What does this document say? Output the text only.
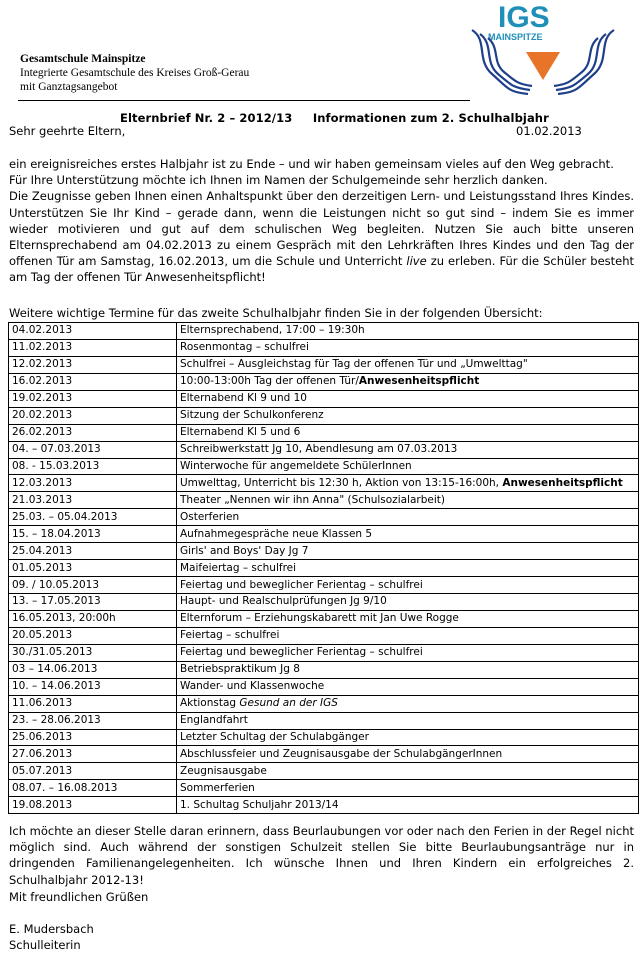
Gesamtschule Mainspitze
Integrierte Gesamtschule des Kreises Groß-Gerau
mit Ganztagsangebot
IGS
MAINSPITZE
Elternbrief Nr. 2 – 2012/13     Informationen zum 2. Schulhalbjahr
Sehr geehrte Eltern,	01.02.2013

ein ereignisreiches erstes Halbjahr ist zu Ende – und wir haben gemeinsam vieles auf den Weg gebracht.

Für Ihre Unterstützung möchte ich Ihnen im Namen der Schulgemeinde sehr herzlich danken.

Die Zeugnisse geben Ihnen einen Anhaltspunkt über den derzeitigen Lern- und Leistungsstand Ihres Kindes. Unterstützen Sie Ihr Kind – gerade dann, wenn die Leistungen nicht so gut sind – indem Sie es immer wieder motivieren und gut auf dem schulischen Weg begleiten. Nutzen Sie auch bitte unseren Elternsprechabend am 04.02.2013 zu einem Gespräch mit den Lehrkräften Ihres Kindes und den Tag der offenen Tür am Samstag, 16.02.2013, um die Schule und Unterricht live zu erleben. Für die Schüler besteht am Tag der offenen Tür Anwesenheitspflicht!

Weitere wichtige Termine für das zweite Schulhalbjahr finden Sie in der folgenden Übersicht:
04.02.2013	Elternsprechabend, 17:00 – 19:30h
11.02.2013	Rosenmontag – schulfrei
12.02.2013	Schulfrei – Ausgleichstag für Tag der offenen Tür und „Umwelttag"
16.02.2013	10:00-13:00h Tag der offenen Tür/Anwesenheitspflicht
19.02.2013	Elternabend Kl 9 und 10
20.02.2013	Sitzung der Schulkonferenz
26.02.2013	Elternabend Kl 5 und 6
04. – 07.03.2013	Schreibwerkstatt Jg 10, Abendlesung am 07.03.2013
08. - 15.03.2013	Winterwoche für angemeldete SchülerInnen
12.03.2013	Umwelttag, Unterricht bis 12:30 h, Aktion von 13:15-16:00h, Anwesenheitspflicht
21.03.2013	Theater „Nennen wir ihn Anna" (Schulsozialarbeit)
25.03. – 05.04.2013	Osterferien
15. – 18.04.2013	Aufnahmegespräche neue Klassen 5
25.04.2013	Girls' and Boys' Day Jg 7
01.05.2013	Maifeiertag – schulfrei
09. / 10.05.2013	Feiertag und beweglicher Ferientag – schulfrei
13. – 17.05.2013	Haupt- und Realschulprüfungen Jg 9/10
16.05.2013, 20:00h	Elternforum – Erziehungskabarett mit Jan Uwe Rogge
20.05.2013	Feiertag – schulfrei
30./31.05.2013	Feiertag und beweglicher Ferientag – schulfrei
03 – 14.06.2013	Betriebspraktikum Jg 8
10. – 14.06.2013	Wander- und Klassenwoche
11.06.2013	Aktionstag Gesund an der IGS
23. – 28.06.2013	Englandfahrt
25.06.2013	Letzter Schultag der Schulabgänger
27.06.2013	Abschlussfeier und Zeugnisausgabe der SchulabgängerInnen
05.07.2013	Zeugnisausgabe
08.07. – 16.08.2013	Sommerferien
19.08.2013	1. Schultag Schuljahr 2013/14
Ich möchte an dieser Stelle daran erinnern, dass Beurlaubungen vor oder nach den Ferien in der Regel nicht möglich sind. Auch während der sonstigen Schulzeit stellen Sie bitte Beurlaubungsanträge nur in dringenden Familienangelegenheiten. Ich wünsche Ihnen und Ihren Kindern ein erfolgreiches 2. Schulhalbjahr 2012-13!
Mit freundlichen Grüßen
E. Mudersbach
Schulleiterin
